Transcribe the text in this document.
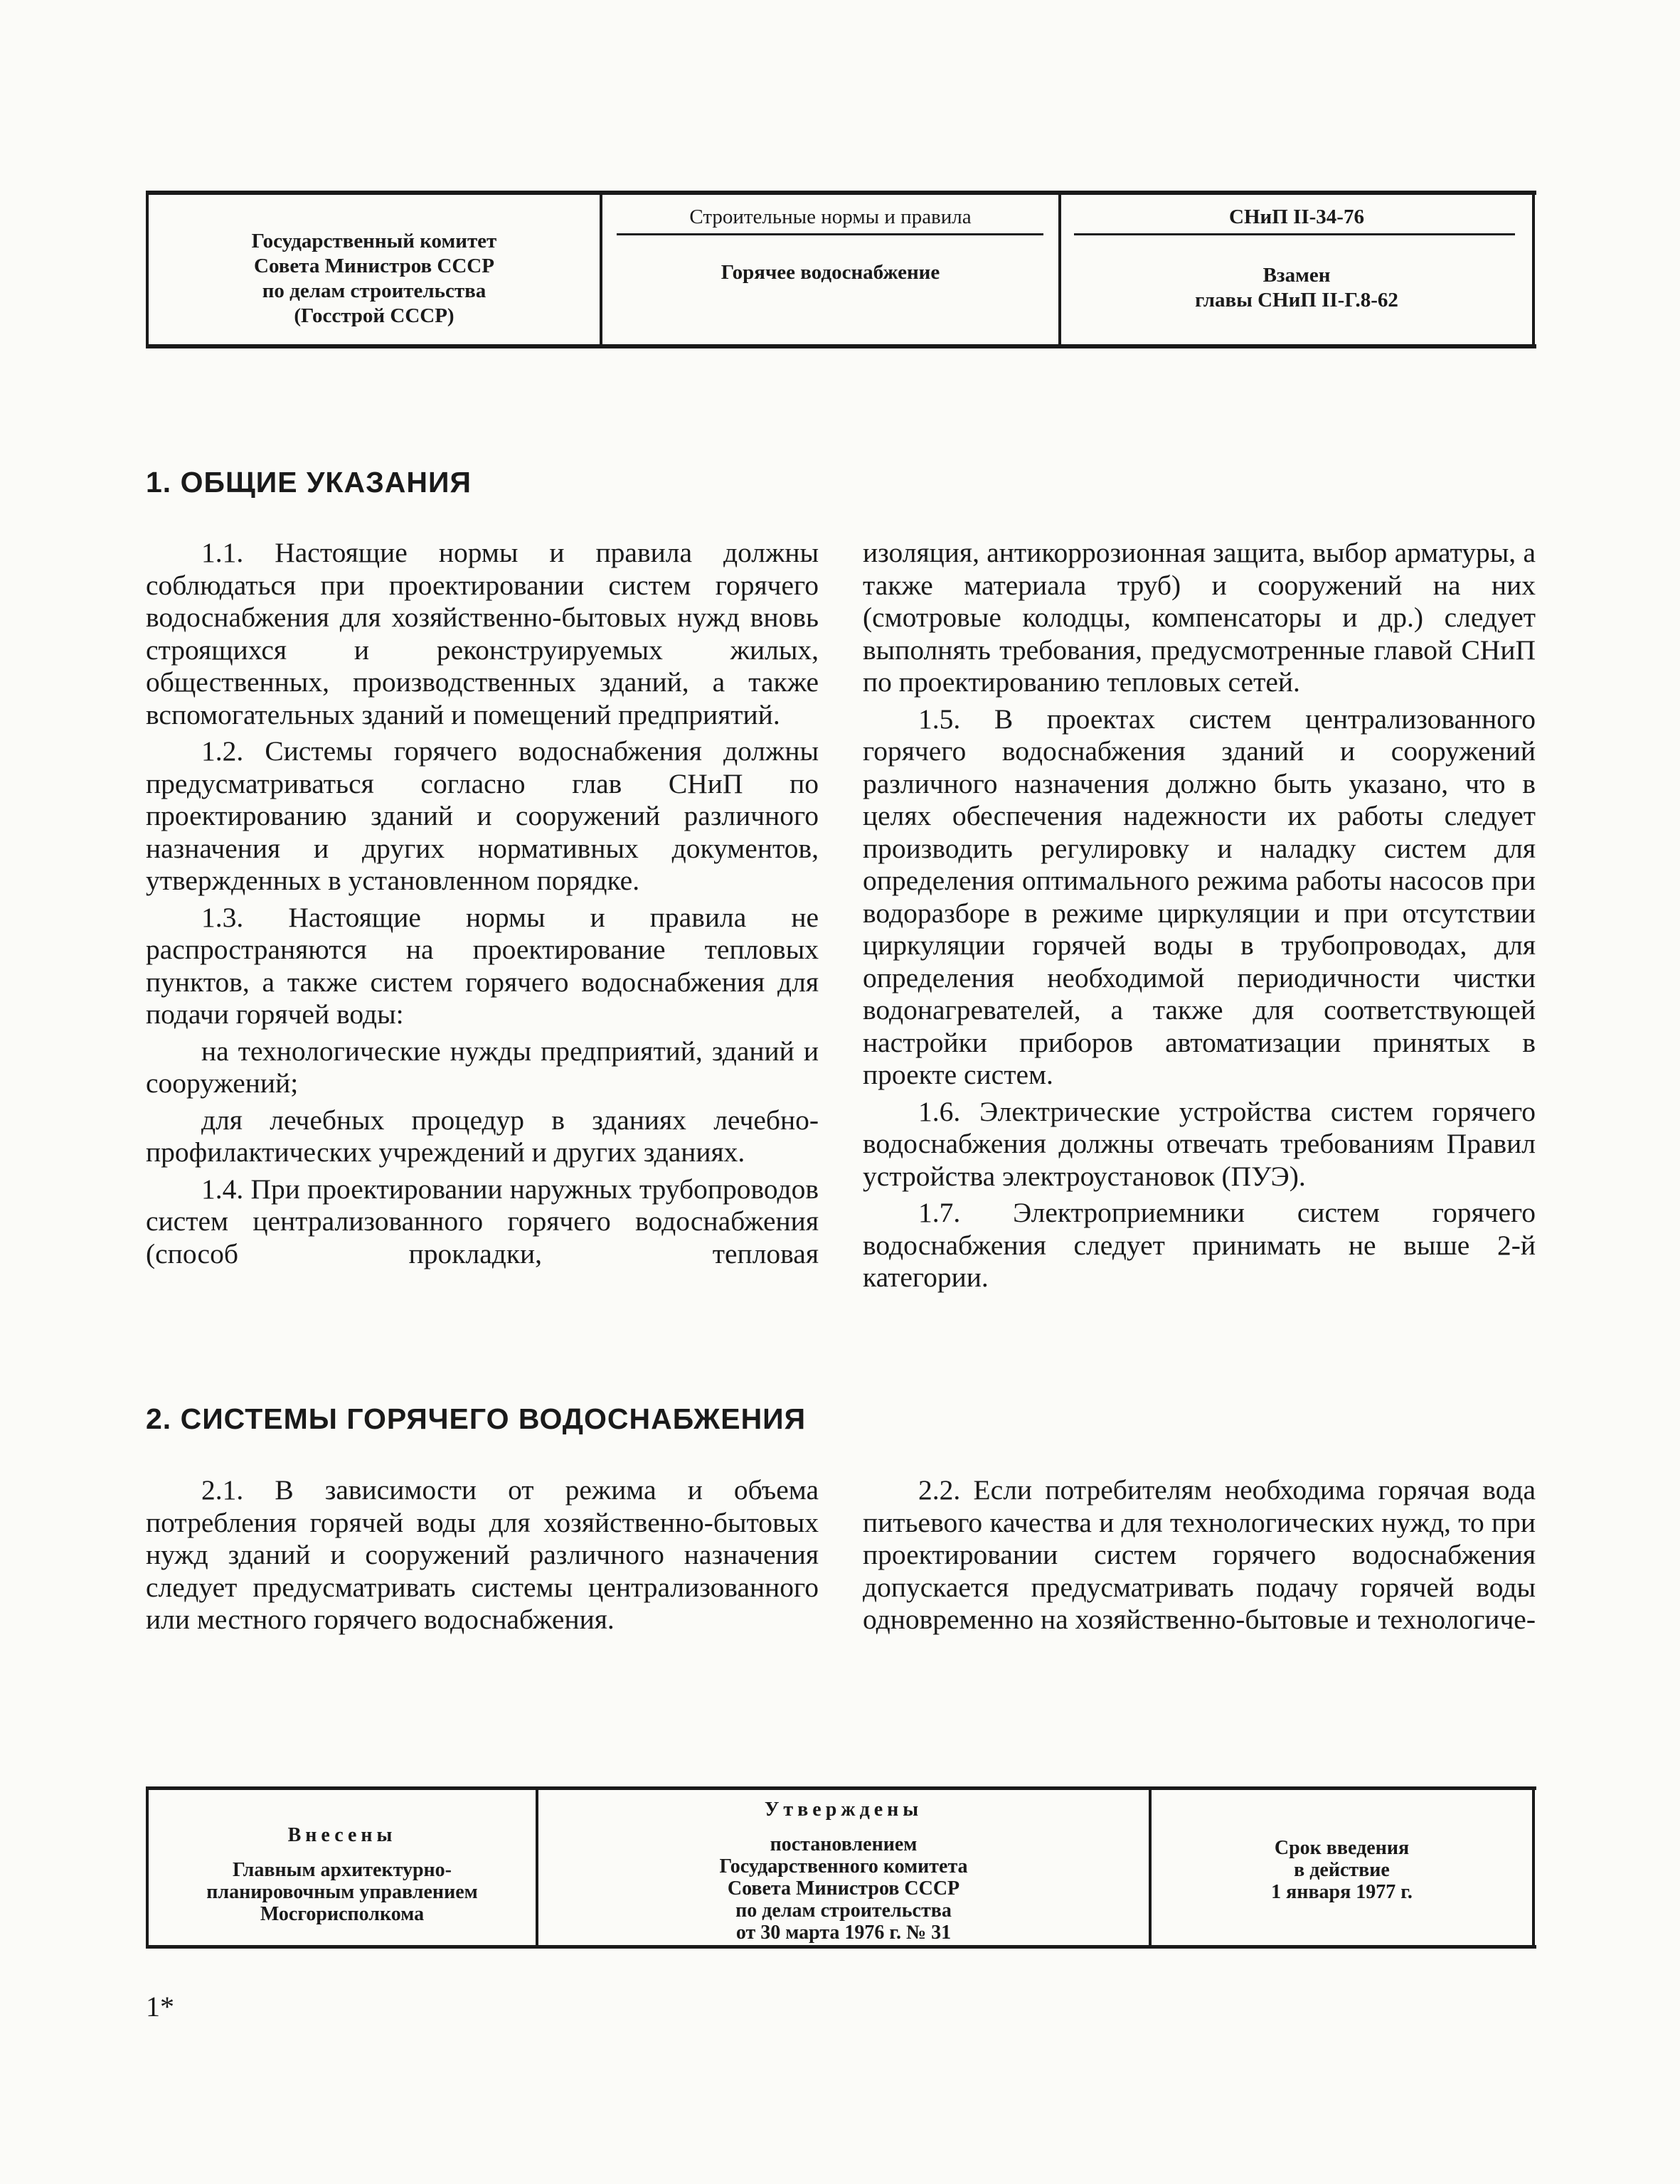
Государственный комитет
Совета Министров СССР
по делам строительства
(Госстрой СССР)
Строительные нормы и правила
Горячее водоснабжение
СНиП II-34-76
Взамен
главы СНиП II-Г.8-62
1. ОБЩИЕ УКАЗАНИЯ

1.1. Настоящие нормы и правила должны соблюдаться при проектировании систем горячего водоснабжения для хозяйственно-бытовых нужд вновь строящихся и реконструируемых жилых, общественных, производственных зданий, а также вспомогательных зданий и помещений предприятий.

1.2. Системы горячего водоснабжения должны предусматриваться согласно глав СНиП по проектированию зданий и сооружений различного назначения и других нормативных документов, утвержденных в установленном порядке.

1.3. Настоящие нормы и правила не распространяются на проектирование тепловых пунктов, а также систем горячего водоснабжения для подачи горячей воды:

на технологические нужды предприятий, зданий и сооружений;

для лечебных процедур в зданиях лечебно-профилактических учреждений и других зданиях.

1.4. При проектировании наружных трубопроводов систем централизованного горячего водоснабжения (способ прокладки, тепловая

изоляция, антикоррозионная защита, выбор арматуры, а также материала труб) и сооружений на них (смотровые колодцы, компенсаторы и др.) следует выполнять требования, предусмотренные главой СНиП по проектированию тепловых сетей.

1.5. В проектах систем централизованного горячего водоснабжения зданий и сооружений различного назначения должно быть указано, что в целях обеспечения надежности их работы следует производить регулировку и наладку систем для определения оптимального режима работы насосов при водоразборе в режиме циркуляции и при отсутствии циркуляции горячей воды в трубопроводах, для определения необходимой периодичности чистки водонагревателей, а также для соответствующей настройки приборов автоматизации принятых в проекте систем.

1.6. Электрические устройства систем горячего водоснабжения должны отвечать требованиям Правил устройства электроустановок (ПУЭ).

1.7. Электроприемники систем горячего водоснабжения следует принимать не выше 2-й категории.

2. СИСТЕМЫ ГОРЯЧЕГО ВОДОСНАБЖЕНИЯ

2.1. В зависимости от режима и объема потребления горячей воды для хозяйственно-бытовых нужд зданий и сооружений различного назначения следует предусматривать системы централизованного или местного горячего водоснабжения.

2.2. Если потребителям необходима горячая вода питьевого качества и для технологических нужд, то при проектировании систем горячего водоснабжения допускается предусматривать подачу горячей воды одновременно на хозяйственно-бытовые и технологиче-

Внесены
Главным архитектурно-
планировочным управлением
Мосгорисполкома
Утверждены
постановлением
Государственного комитета
Совета Министров СССР
по делам строительства
от 30 марта 1976 г. № 31
Срок введения
в действие
1 января 1977 г.
1*
